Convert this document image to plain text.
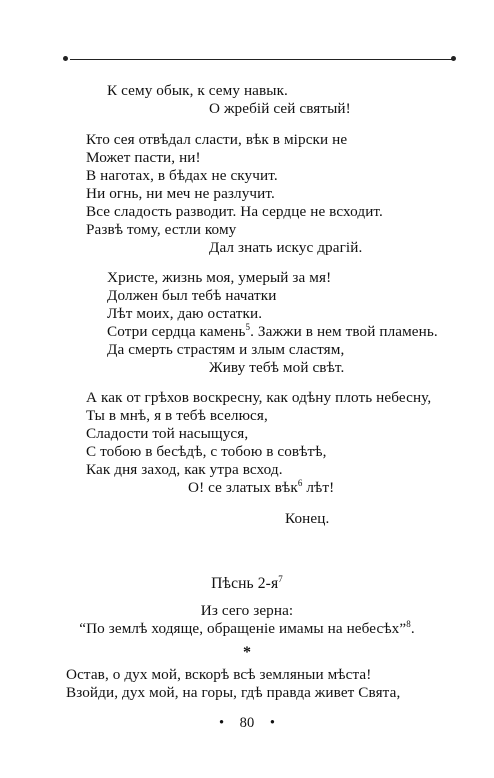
К сему обык, к сему навык.
О жребій сей святый!
Кто сея отвѣдал сласти, вѣк в мірски не
Может пасти, ни!
В наготах, в бѣдах не скучит.
Ни огнь, ни меч не разлучит.
Все сладость разводит. На сердце не всходит.
Развѣ тому, естли кому
Дал знать искус драгій.
Христе, жизнь моя, умерый за мя!
Должен был тебѣ начатки
Лѣт моих, даю остатки.
Сотри сердца камень$^5$. Зажжи в нем твой пламень.
Да смерть страстям и злым сластям,
Живу тебѣ мой свѣт.
А как от грѣхов воскресну, как одѣну плоть небесну,
Ты в мнѣ, я в тебѣ вселюся,
Сладости той насыщуся,
С тобою в бесѣдѣ, с тобою в совѣтѣ,
Как дня заход, как утра всход.
О! се златых вѣк$^6$ лѣт!
Конец.
Пѣснь $2-я^7$
Из сего зерна:
“По землѣ ходяще, обращеніе имамы на небесѣх”$^8$.
*
Остав, о дух мой, вскорѣ всѣ земляныи мѣста!
Взойди, дух мой, на горы, гдѣ правда живет Свята,
• 80 •
